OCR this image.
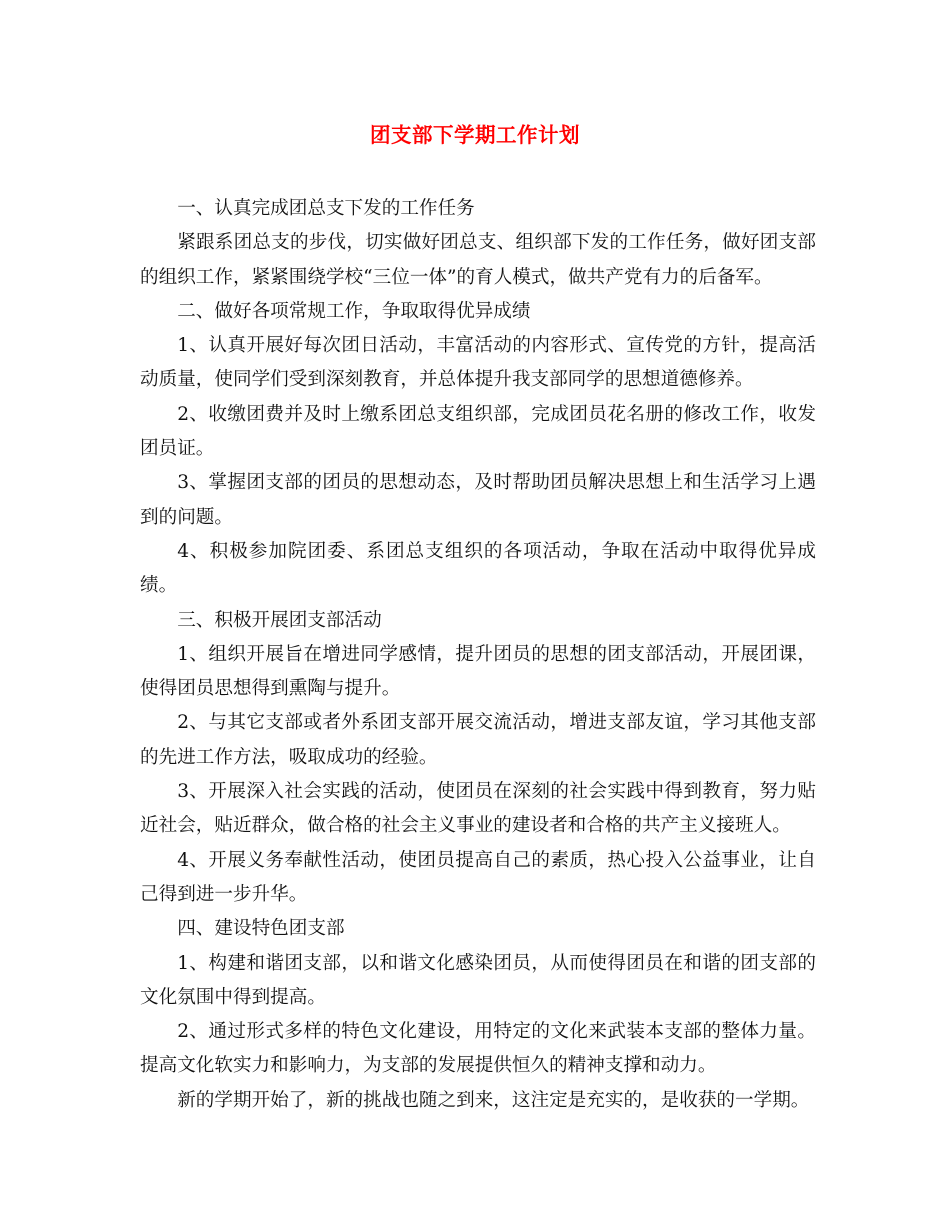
团支部下学期工作计划

一、认真完成团总支下发的工作任务

紧跟系团总支的步伐，切实做好团总支、组织部下发的工作任务，做好团支部的组织工作，紧紧围绕学校“三位一体”的育人模式，做共产党有力的后备军。

二、做好各项常规工作，争取取得优异成绩

1、认真开展好每次团日活动，丰富活动的内容形式、宣传党的方针，提高活动质量，使同学们受到深刻教育，并总体提升我支部同学的思想道德修养。

2、收缴团费并及时上缴系团总支组织部，完成团员花名册的修改工作，收发团员证。

3、掌握团支部的团员的思想动态，及时帮助团员解决思想上和生活学习上遇到的问题。

4、积极参加院团委、系团总支组织的各项活动，争取在活动中取得优异成绩。

三、积极开展团支部活动

1、组织开展旨在增进同学感情，提升团员的思想的团支部活动，开展团课，使得团员思想得到熏陶与提升。

2、与其它支部或者外系团支部开展交流活动，增进支部友谊，学习其他支部的先进工作方法，吸取成功的经验。

3、开展深入社会实践的活动，使团员在深刻的社会实践中得到教育，努力贴近社会，贴近群众，做合格的社会主义事业的建设者和合格的共产主义接班人。

4、开展义务奉献性活动，使团员提高自己的素质，热心投入公益事业，让自己得到进一步升华。

四、建设特色团支部

1、构建和谐团支部，以和谐文化感染团员，从而使得团员在和谐的团支部的文化氛围中得到提高。

2、通过形式多样的特色文化建设，用特定的文化来武装本支部的整体力量。提高文化软实力和影响力，为支部的发展提供恒久的精神支撑和动力。

新的学期开始了，新的挑战也随之到来，这注定是充实的，是收获的一学期。
